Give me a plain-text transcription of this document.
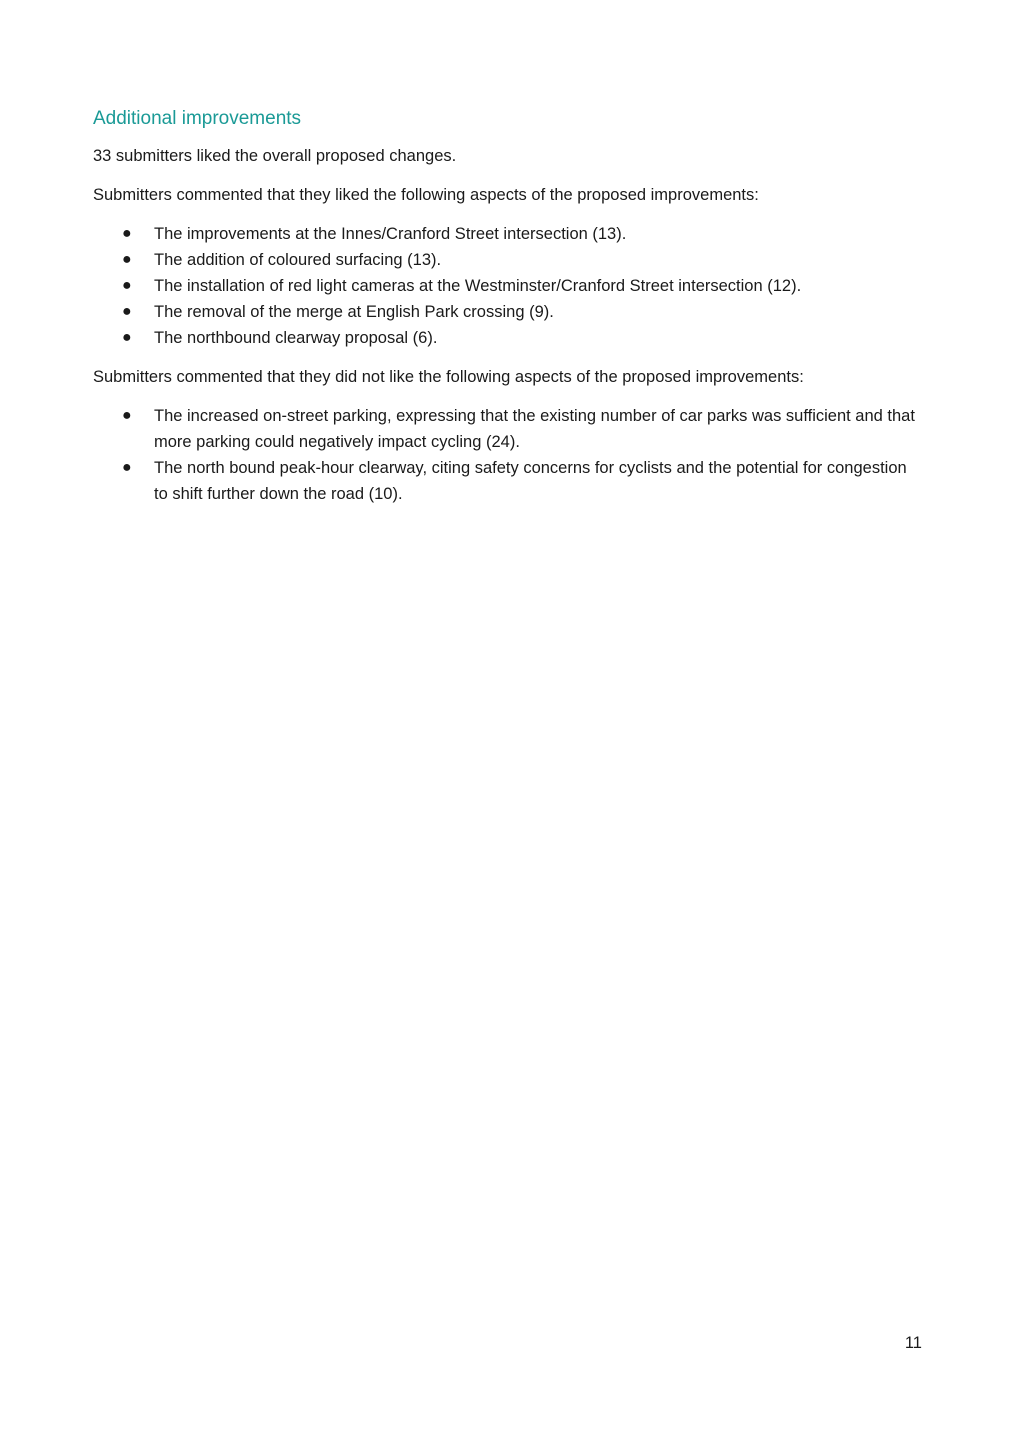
Additional improvements

33 submitters liked the overall proposed changes.

Submitters commented that they liked the following aspects of the proposed improvements:

● The improvements at the Innes/Cranford Street intersection (13).
● The addition of coloured surfacing (13).
● The installation of red light cameras at the Westminster/Cranford Street intersection (12).
● The removal of the merge at English Park crossing (9).
● The northbound clearway proposal (6).

Submitters commented that they did not like the following aspects of the proposed improvements:

● The increased on-street parking, expressing that the existing number of car parks was sufficient and that more parking could negatively impact cycling (24).
● The north bound peak-hour clearway, citing safety concerns for cyclists and the potential for congestion to shift further down the road (10).
11
